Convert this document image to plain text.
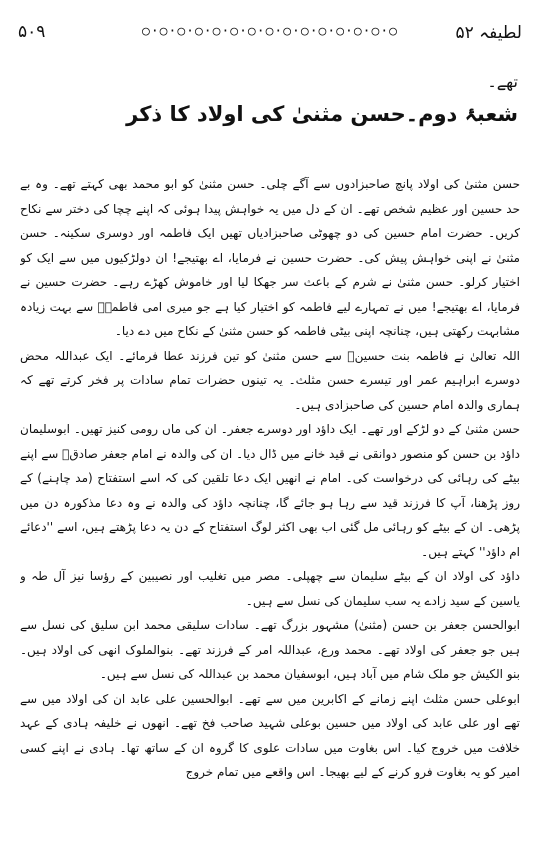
۵۰۹	○·○·○·○·○·○·○·○·○·○·○·○·○·○·○	لطیفہ ۵۲
تھے۔
شعبۂ دوم۔حسن مثنیٰ کی اولاد کا ذکر

حسن مثنیٰ کی اولاد پانچ صاحبزادوں سے آگے چلی۔ حسن مثنیٰ کو ابو محمد بھی کہتے تھے۔ وہ بے حد حسین اور عظیم شخص تھے۔ ان کے دل میں یہ خواہش پیدا ہوئی کہ اپنے چچا کی دختر سے نکاح کریں۔ حضرت امام حسین کی دو چھوٹی صاحبزادیاں تھیں ایک فاطمہ اور دوسری سکینہ۔ حسن مثنیٰ نے اپنی خواہش پیش کی۔ حضرت حسین نے فرمایا، اے بھتیجے! ان دولڑکیوں میں سے ایک کو اختیار کرلو۔ حسن مثنیٰ نے شرم کے باعث سر جھکا لیا اور خاموش کھڑے رہے۔ حضرت حسین نے فرمایا، اے بھتیجے! میں نے تمہارے لیے فاطمہ کو اختیار کیا ہے جو میری امی فاطمہؓ سے بہت زیادہ مشابہت رکھتی ہیں، چنانچہ اپنی بیٹی فاطمہ کو حسن مثنیٰ کے نکاح میں دے دیا۔

اللہ تعالیٰ نے فاطمہ بنت حسینؓ سے حسن مثنیٰ کو تین فرزند عطا فرمائے۔ ایک عبداللہ محض دوسرے ابراہیم عمر اور تیسرے حسن مثلث۔ یہ تینوں حضرات تمام سادات پر فخر کرتے تھے کہ ہماری والدہ امام حسین کی صاحبزادی ہیں۔

حسن مثنیٰ کے دو لڑکے اور تھے۔ ایک داؤد اور دوسرے جعفر۔ ان کی ماں رومی کنیز تھیں۔ ابوسلیمان داؤد بن حسن کو منصور دوانقی نے قید خانے میں ڈال دیا۔ ان کی والدہ نے امام جعفر صادقؒ سے اپنے بیٹے کی رہائی کی درخواست کی۔ امام نے انھیں ایک دعا تلقین کی کہ اسے استفتاح (مد چاہنے) کے روز پڑھنا، آپ کا فرزند قید سے رہا ہو جائے گا، چنانچہ داؤد کی والدہ نے وہ دعا مذکورہ دن میں پڑھی۔ ان کے بیٹے کو رہائی مل گئی اب بھی اکثر لوگ استفتاح کے دن یہ دعا پڑھتے ہیں، اسے ''دعائے ام داؤد'' کہتے ہیں۔

داؤد کی اولاد ان کے بیٹے سلیمان سے چھپلی۔ مصر میں تغلیب اور نصیبین کے رؤسا نیز آل طہ و یاسین کے سید زادے یہ سب سلیمان کی نسل سے ہیں۔

ابوالحسن جعفر بن حسن (مثنیٰ) مشہور بزرگ تھے۔ سادات سلیقی محمد ابن سلیق کی نسل سے ہیں جو جعفر کی اولاد تھے۔ محمد ورع، عبداللہ امر کے فرزند تھے۔ بنوالملوک انھی کی اولاد ہیں۔ بنو الکیش جو ملک شام میں آباد ہیں، ابوسفیان محمد بن عبداللہ کی نسل سے ہیں۔

ابوعلی حسن مثلث اپنے زمانے کے اکابرین میں سے تھے۔ ابوالحسین علی عابد ان کی اولاد میں سے تھے اور علی عابد کی اولاد میں حسین بوعلی شہید صاحب فخ تھے۔ انھوں نے خلیفہ ہادی کے عہد خلافت میں خروج کیا۔ اس بغاوت میں سادات علوی کا گروہ ان کے ساتھ تھا۔ ہادی نے اپنے کسی امیر کو یہ بغاوت فرو کرنے کے لیے بھیجا۔ اس واقعے میں تمام خروج
